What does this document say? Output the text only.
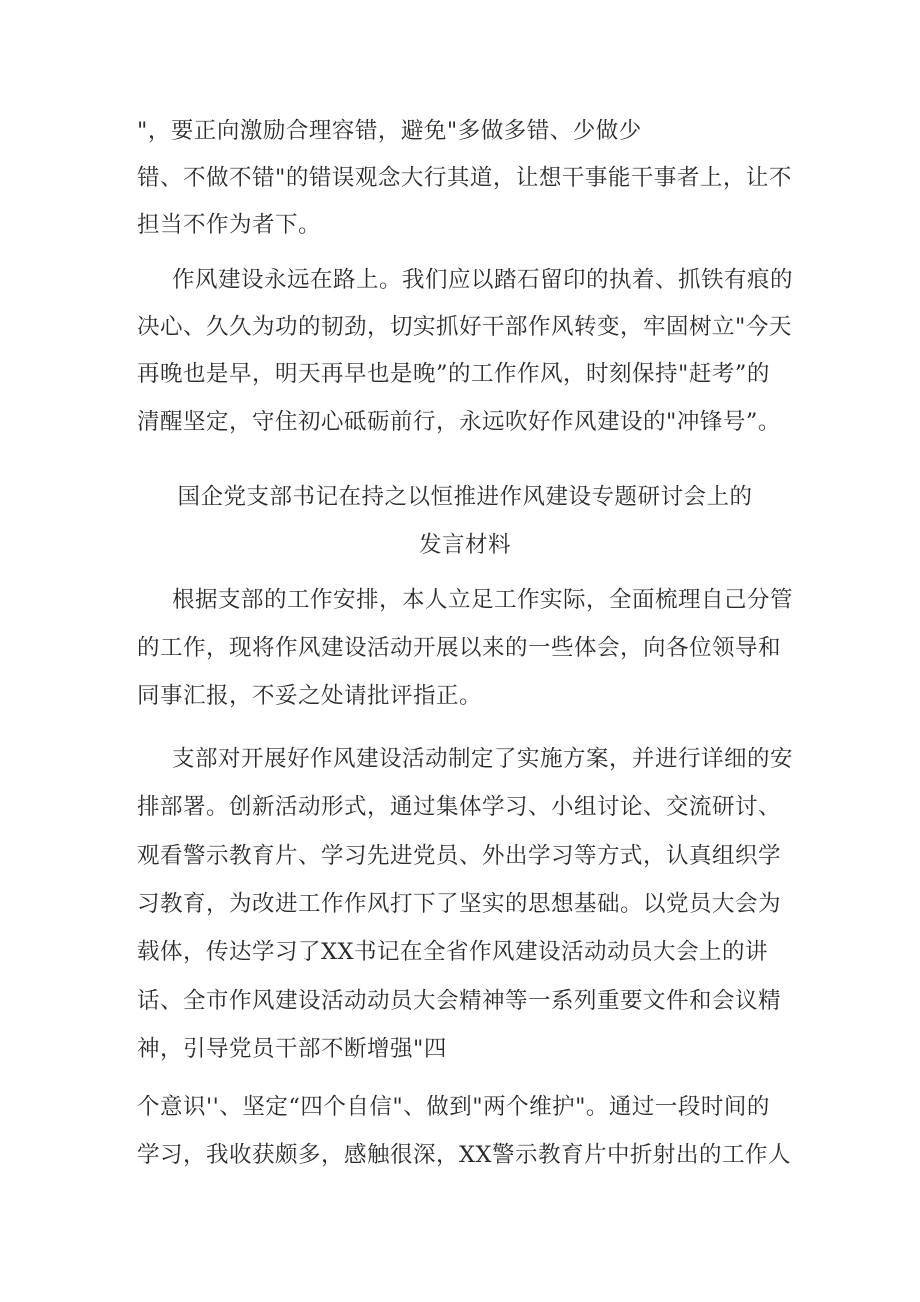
"，要正向激励合理容错，避免"多做多错、少做少
错、不做不错"的错误观念大行其道，让想干事能干事者上，让不
担当不作为者下。
作风建设永远在路上。我们应以踏石留印的执着、抓铁有痕的
决心、久久为功的韧劲，切实抓好干部作风转变，牢固树立"今天
再晚也是早，明天再早也是晚”的工作作风，时刻保持"赶考”的
清醒坚定，守住初心砥砺前行，永远吹好作风建设的"冲锋号”。
国企党支部书记在持之以恒推进作风建设专题研讨会上的
发言材料
根据支部的工作安排，本人立足工作实际，全面梳理自己分管
的工作，现将作风建设活动开展以来的一些体会，向各位领导和
同事汇报，不妥之处请批评指正。
支部对开展好作风建设活动制定了实施方案，并进行详细的安
排部署。创新活动形式，通过集体学习、小组讨论、交流研讨、
观看警示教育片、学习先进党员、外出学习等方式，认真组织学
习教育，为改进工作作风打下了坚实的思想基础。以党员大会为
载体，传达学习了XX书记在全省作风建设活动动员大会上的讲
话、全市作风建设活动动员大会精神等一系列重要文件和会议精
神，引导党员干部不断增强"四
个意识''、坚定“四个自信"、做到"两个维护"。通过一段时间的
学习，我收获颇多，感触很深，XX警示教育片中折射出的工作人
